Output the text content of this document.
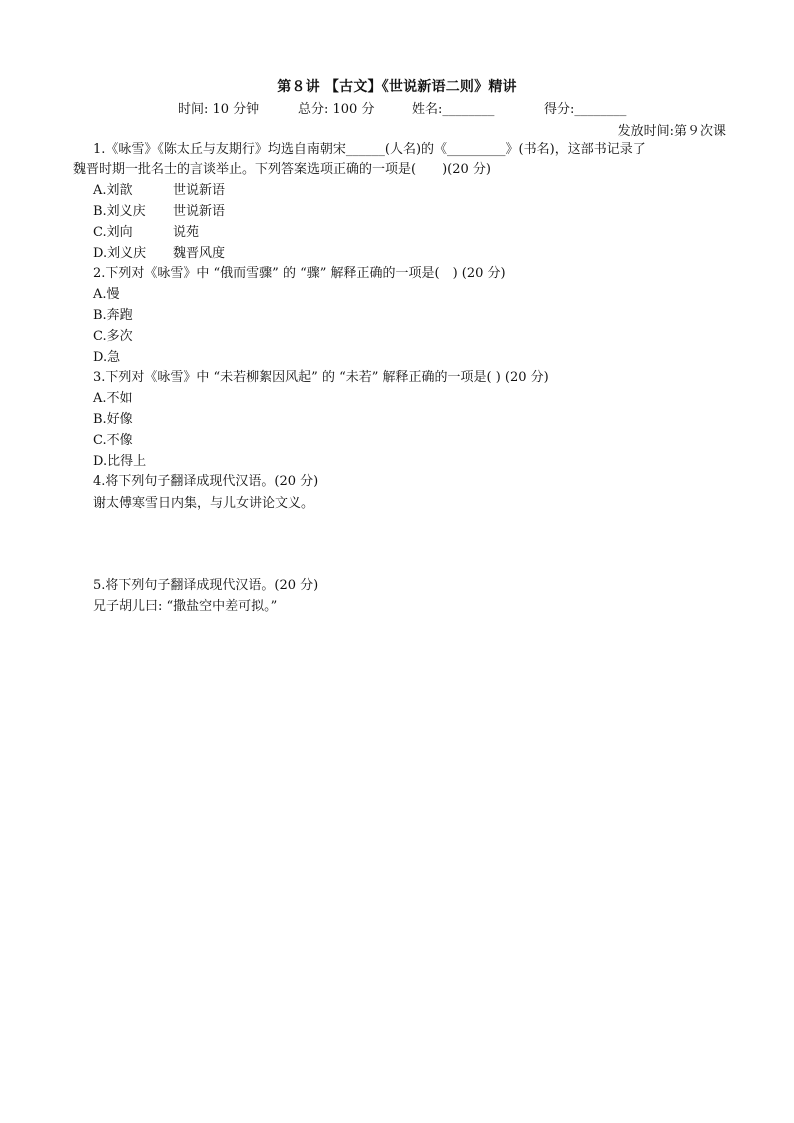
第８讲 【古文】《世说新语二则》精讲
时间: 10 分钟	总分: 100 分	姓名:________	得分:________
发放时间:第９次课
1.《咏雪》《陈太丘与友期行》均选自南朝宋______(人名)的《_________》(书名)，这部书记录了
魏晋时期一批名士的言谈举止。下列答案选项正确的一项是(　　)(20 分)
A.刘歆	世说新语
B.刘义庆 世说新语
C.刘向	说苑
D.刘义庆 魏晋风度
2.下列对《咏雪》中 “俄而雪骤” 的 “骤” 解释正确的一项是(　) (20 分)
A.慢
B.奔跑
C.多次
D.急
3.下列对《咏雪》中 “未若柳絮因风起” 的 “未若” 解释正确的一项是( ) (20 分)
A.不如
B.好像
C.不像
D.比得上
4.将下列句子翻译成现代汉语。(20 分)
谢太傅寒雪日内集，与儿女讲论文义。
5.将下列句子翻译成现代汉语。(20 分)
兄子胡儿曰: “撒盐空中差可拟。”
